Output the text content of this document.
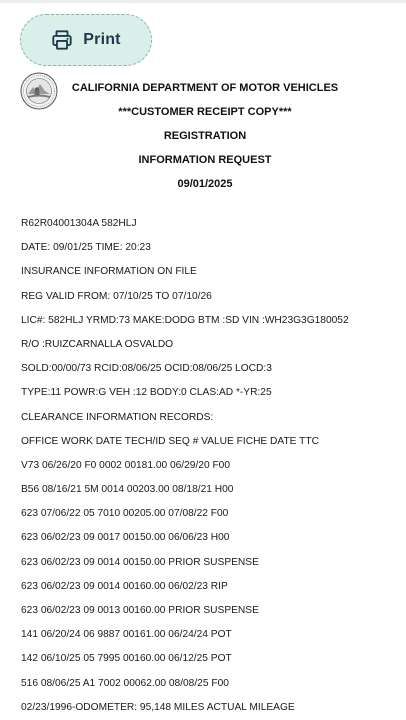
Print
CALIFORNIA DEPARTMENT OF MOTOR VEHICLES
***CUSTOMER RECEIPT COPY***
REGISTRATION
INFORMATION REQUEST
09/01/2025
R62R04001304A 582HLJ
DATE: 09/01/25 TIME: 20:23
INSURANCE INFORMATION ON FILE
REG VALID FROM: 07/10/25 TO 07/10/26
LIC#: 582HLJ YRMD:73 MAKE:DODG BTM :SD VIN :WH23G3G180052
R/O :RUIZCARNALLA OSVALDO
SOLD:00/00/73 RCID:08/06/25 OCID:08/06/25 LOCD:3
TYPE:11 POWR:G VEH :12 BODY:0 CLAS:AD *-YR:25
CLEARANCE INFORMATION RECORDS:
OFFICE WORK DATE TECH/ID SEQ # VALUE FICHE DATE TTC
V73 06/26/20 F0 0002 00181.00 06/29/20 F00
B56 08/16/21 5M 0014 00203.00 08/18/21 H00
623 07/06/22 05 7010 00205.00 07/08/22 F00
623 06/02/23 09 0017 00150.00 06/06/23 H00
623 06/02/23 09 0014 00150.00 PRIOR SUSPENSE
623 06/02/23 09 0014 00160.00 06/02/23 RIP
623 06/02/23 09 0013 00160.00 PRIOR SUSPENSE
141 06/20/24 06 9887 00161.00 06/24/24 POT
142 06/10/25 05 7995 00160.00 06/12/25 POT
516 08/06/25 A1 7002 00062.00 08/08/25 F00
02/23/1996-ODOMETER: 95,148 MILES ACTUAL MILEAGE
